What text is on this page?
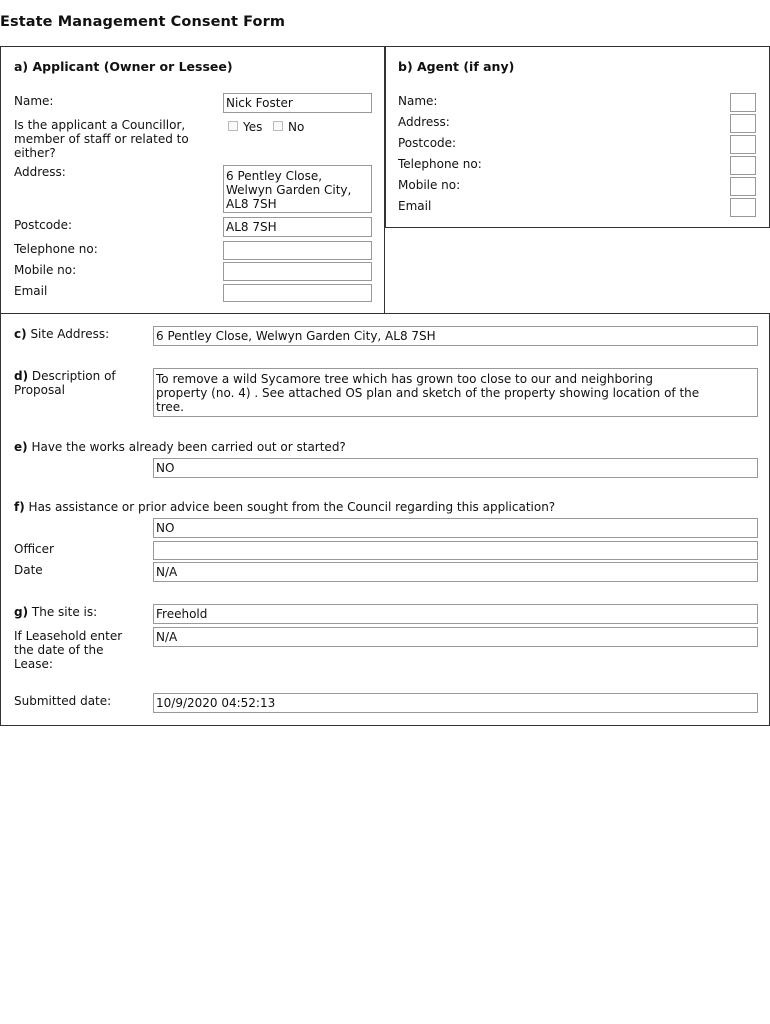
Estate Management Consent Form
a) Applicant (Owner or Lessee)
Name:	Nick Foster
Is the applicant a Councillor,
member of staff or related to
either?
Yes No
Address:	6 Pentley Close,
Welwyn Garden City,
AL8 7SH
Postcode:	AL8 7SH
Telephone no:
Mobile no:
Email
b) Agent (if any)
Name:
Address:
Postcode:
Telephone no:
Mobile no:
Email
c) Site Address:	6 Pentley Close, Welwyn Garden City, AL8 7SH
d) Description of
Proposal
To remove a wild Sycamore tree which has grown too close to our and neighboring
property (no. 4) . See attached OS plan and sketch of the property showing location of the
tree.
e) Have the works already been carried out or started?
NO
f) Has assistance or prior advice been sought from the Council regarding this application?
NO
Officer
Date	N/A
g) The site is:	Freehold
If Leasehold enter
the date of the
Lease:
N/A
Submitted date:	10/9/2020 04:52:13
